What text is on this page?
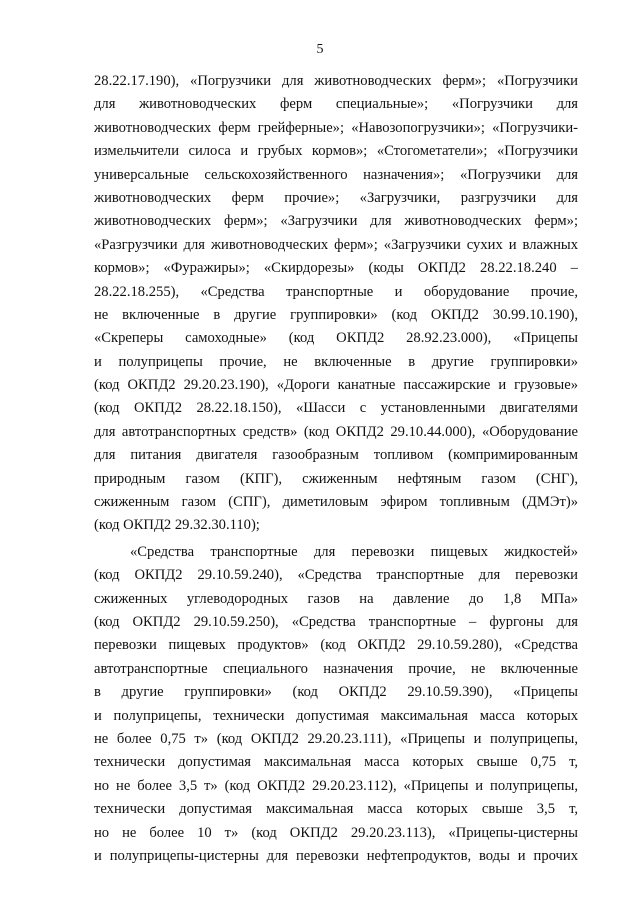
5
28.22.17.190), «Погрузчики для животноводческих ферм»; «Погрузчики
для животноводческих ферм специальные»; «Погрузчики для
животноводческих ферм грейферные»; «Навозопогрузчики»; «Погрузчики-
измельчители силоса и грубых кормов»; «Стогометатели»; «Погрузчики
универсальные сельскохозяйственного назначения»; «Погрузчики для
животноводческих ферм прочие»; «Загрузчики, разгрузчики для
животноводческих ферм»; «Загрузчики для животноводческих ферм»;
«Разгрузчики для животноводческих ферм»; «Загрузчики сухих и влажных
кормов»; «Фуражиры»; «Скирдорезы» (коды ОКПД2 28.22.18.240 –
28.22.18.255), «Средства транспортные и оборудование прочие,
не включенные в другие группировки» (код ОКПД2 30.99.10.190),
«Скреперы самоходные» (код ОКПД2 28.92.23.000), «Прицепы
и полуприцепы прочие, не включенные в другие группировки»
(код ОКПД2 29.20.23.190), «Дороги канатные пассажирские и грузовые»
(код ОКПД2 28.22.18.150), «Шасси с установленными двигателями
для автотранспортных средств» (код ОКПД2 29.10.44.000), «Оборудование
для питания двигателя газообразным топливом (компримированным
природным газом (КПГ), сжиженным нефтяным газом (СНГ),
сжиженным газом (СПГ), диметиловым эфиром топливным (ДМЭт)»
(код ОКПД2 29.32.30.110);
«Средства транспортные для перевозки пищевых жидкостей»
(код ОКПД2 29.10.59.240), «Средства транспортные для перевозки
сжиженных углеводородных газов на давление до 1,8 МПа»
(код ОКПД2 29.10.59.250), «Средства транспортные – фургоны для
перевозки пищевых продуктов» (код ОКПД2 29.10.59.280), «Средства
автотранспортные специального назначения прочие, не включенные
в другие группировки» (код ОКПД2 29.10.59.390), «Прицепы
и полуприцепы, технически допустимая максимальная масса которых
не более 0,75 т» (код ОКПД2 29.20.23.111), «Прицепы и полуприцепы,
технически допустимая максимальная масса которых свыше 0,75 т,
но не более 3,5 т» (код ОКПД2 29.20.23.112), «Прицепы и полуприцепы,
технически допустимая максимальная масса которых свыше 3,5 т,
но не более 10 т» (код ОКПД2 29.20.23.113), «Прицепы-цистерны
и полуприцепы-цистерны для перевозки нефтепродуктов, воды и прочих
